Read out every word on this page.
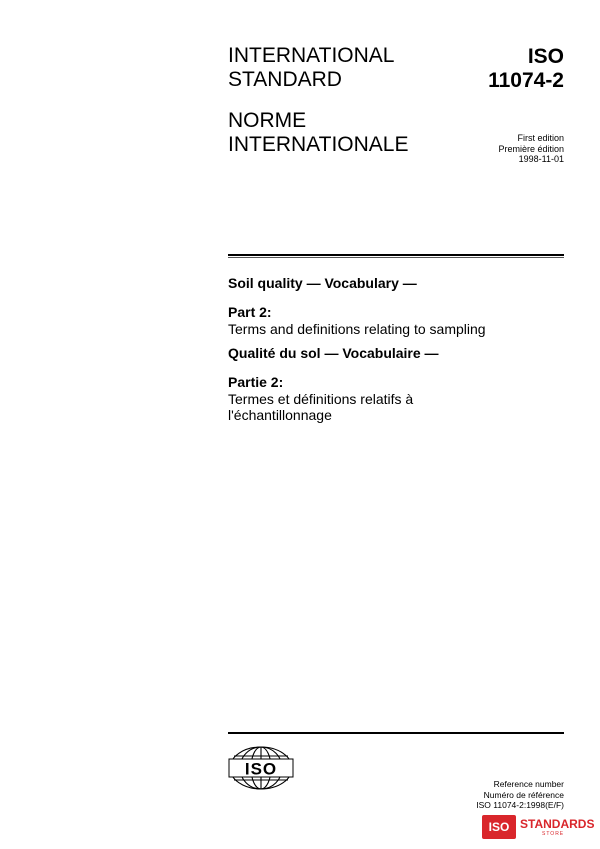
INTERNATIONAL
STANDARD
NORME
INTERNATIONALE
ISO
11074-2
First edition
Première édition
1998-11-01
Soil quality — Vocabulary —
Part 2:
Terms and definitions relating to sampling
Qualité du sol — Vocabulaire —
Partie 2:
Termes et définitions relatifs à
l'échantillonnage
ISO
Reference number
Numéro de référence
ISO 11074-2:1998(E/F)
ISO STANDARDS
STORE
